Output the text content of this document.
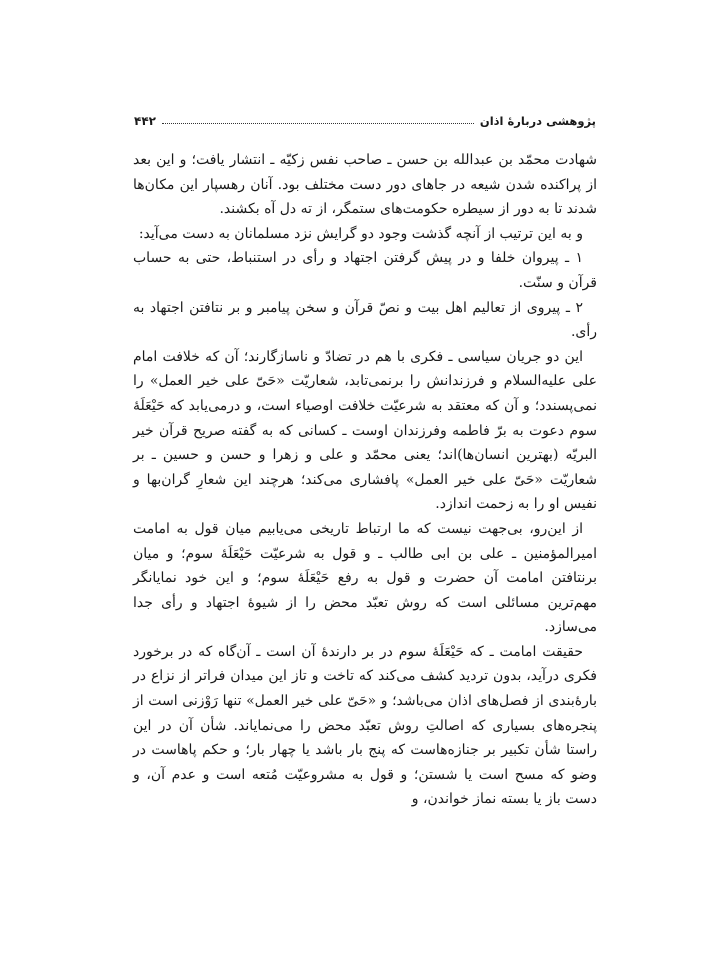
پژوهشی دربارۀ اذان
۴۴۲

شهادت محمّد بن عبدالله بن حسن ـ صاحب نفس زکیّه ـ انتشار یافت؛ و این بعد از پراکنده شدن شیعه در جاهای دور دست مختلف بود. آنان رهسپار این مکان‌ها شدند تا به دور از سیطره حکومت‌های ستمگر، از ته دل آه بکشند.

و به این ترتیب از آنچه گذشت وجود دو گرایش نزد مسلمانان به دست می‌آید:

۱ ـ پیروان خلفا و در پیش گرفتن اجتهاد و رأی در استنباط، حتی به حساب قرآن و سنّت.

۲ ـ پیروی از تعالیم اهل بیت و نصّ قرآن و سخن پیامبر و بر نتافتن اجتهاد به رأی.

این دو جریان سیاسی ـ فکری با هم در تضادّ و ناسازگارند؛ آن که خلافت امام علی علیه‌السلام و فرزندانش را برنمی‌تابد، شعاریّت «حَیّ علی خیر العمل» را نمی‌پسندد؛ و آن که معتقد به شرعیّت خلافت اوصیاء است، و درمی‌یابد که حَیْعَلَهٔ سوم دعوت به برّ فاطمه وفرزندان اوست ـ کسانی که به گفته صریح قرآن خیر البریّه (بهترین انسان‌ها)اند؛ یعنی محمّد و علی و زهرا و حسن و حسین ـ بر شعاریّت «حَیّ علی خیر العمل» پافشاری می‌کند؛ هرچند این شعارِ گران‌بها و نفیس او را به زحمت اندازد.

از این‌رو، بی‌جهت نیست که ما ارتباط تاریخی می‌یابیم میان قول به امامت امیرالمؤمنین ـ علی بن ابی طالب ـ و قول به شرعیّت حَیْعَلَهٔ سوم؛ و میان برنتافتن امامت آن حضرت و قول به رفع حَیْعَلَهٔ سوم؛ و این خود نمایانگر مهم‌ترین مسائلی است که روش تعبّد محض را از شیوۀ اجتهاد و رأی جدا می‌سازد.

حقیقت امامت ـ که حَیْعَلَهٔ سوم در بر دارندۀ آن است ـ آن‌گاه که در برخورد فکری درآید، بدون تردید کشف می‌کند که تاخت و تاز این میدان فراتر از نزاع در بارۀ‌بندی از فصل‌های اذان می‌باشد؛ و «حَیّ علی خیر العمل» تنها رَوْزنی است از پنجره‌های بسیاری که اصالتِ روش تعبّد محض را می‌نمایاند. شأن آن در این راستا شأن تکبیر بر جنازه‌هاست که پنج بار باشد یا چهار بار؛ و حکم پاهاست در وضو که مسح است یا شستن؛ و قول به مشروعیّت مُتعه است و عدم آن، و دست باز یا بسته نماز خواندن، و
